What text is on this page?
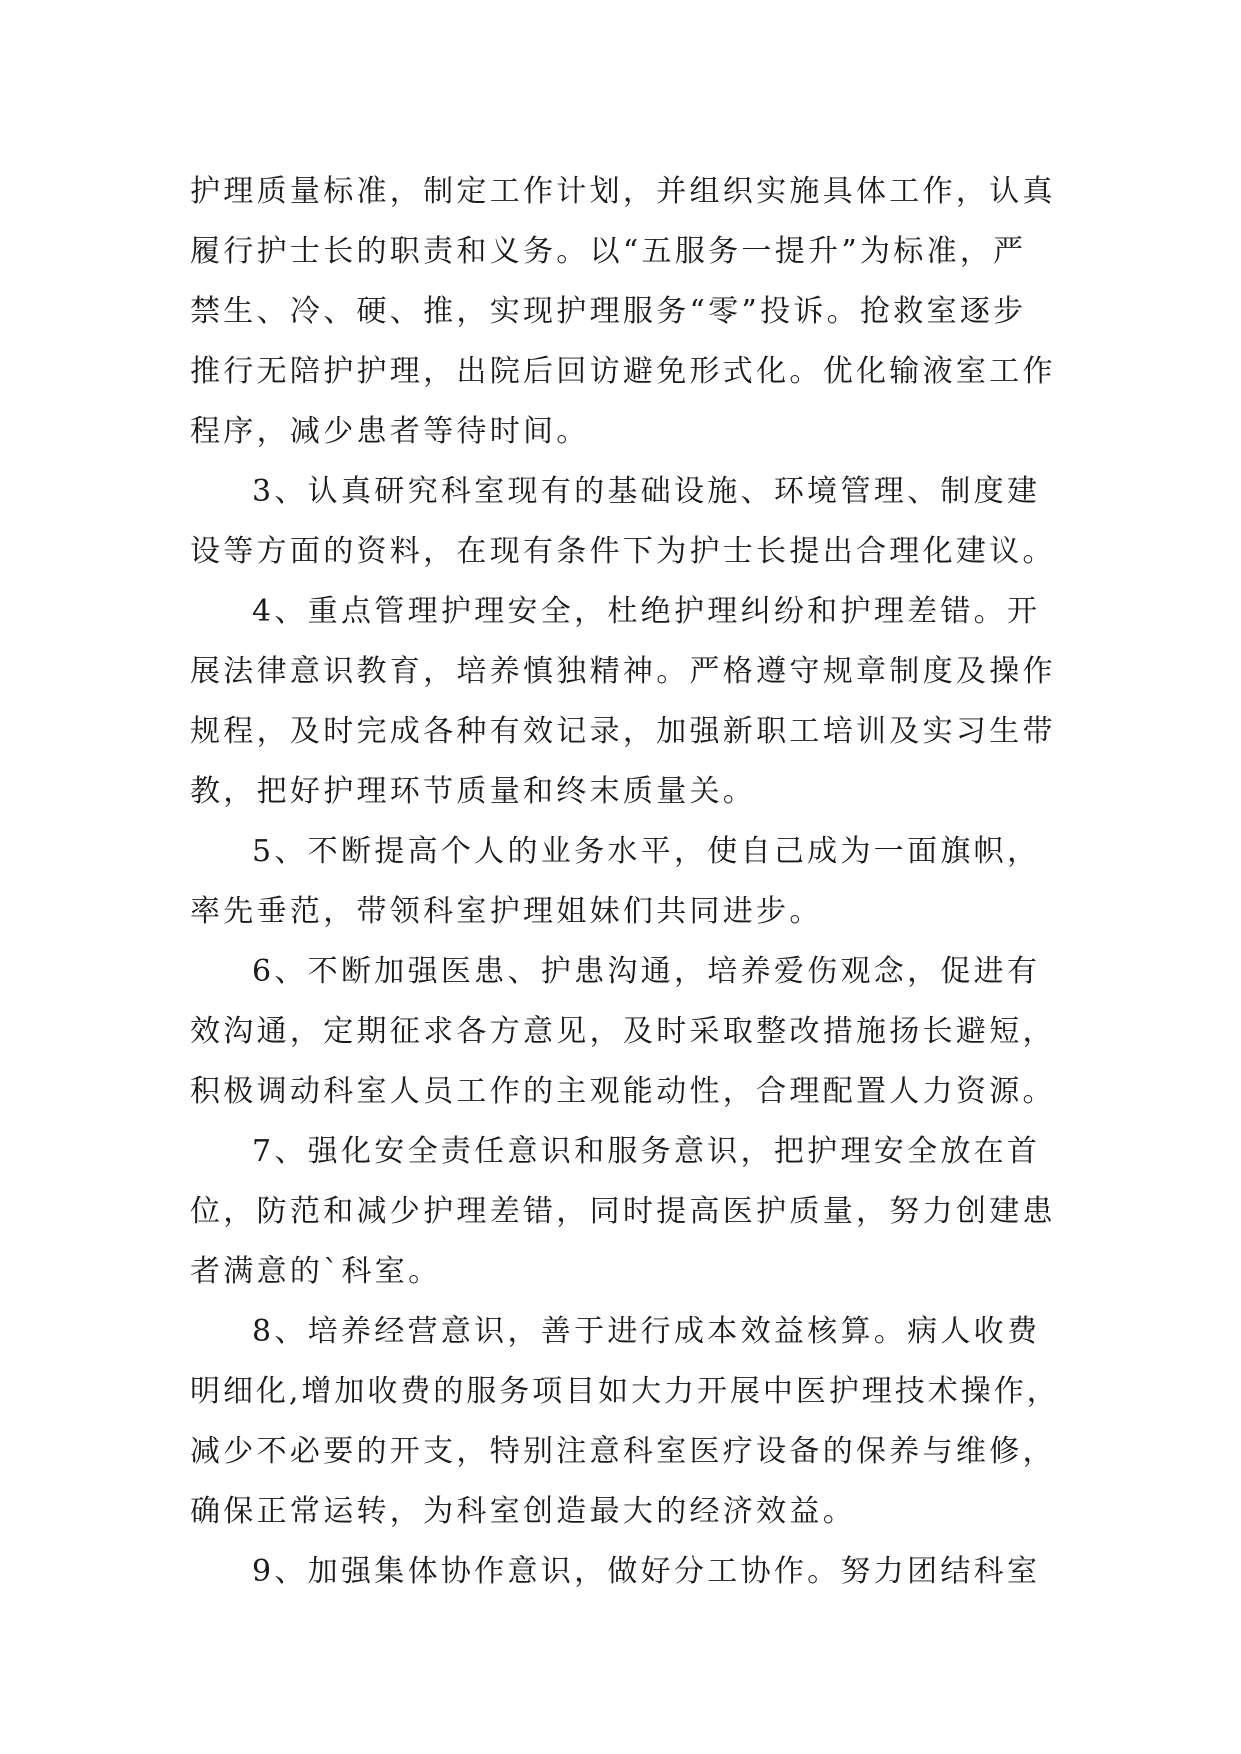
护理质量标准，制定工作计划，并组织实施具体工作，认真
履行护士长的职责和义务。以“五服务一提升”为标准，严
禁生、冷、硬、推，实现护理服务“零”投诉。抢救室逐步
推行无陪护护理，出院后回访避免形式化。优化输液室工作
程序，减少患者等待时间。
3、认真研究科室现有的基础设施、环境管理、制度建
设等方面的资料，在现有条件下为护士长提出合理化建议。
4、重点管理护理安全，杜绝护理纠纷和护理差错。开
展法律意识教育，培养慎独精神。严格遵守规章制度及操作
规程，及时完成各种有效记录，加强新职工培训及实习生带
教，把好护理环节质量和终末质量关。
5、不断提高个人的业务水平，使自己成为一面旗帜，
率先垂范，带领科室护理姐妹们共同进步。
6、不断加强医患、护患沟通，培养爱伤观念，促进有
效沟通，定期征求各方意见，及时采取整改措施扬长避短，
积极调动科室人员工作的主观能动性，合理配置人力资源。
7、强化安全责任意识和服务意识，把护理安全放在首
位，防范和减少护理差错，同时提高医护质量，努力创建患
者满意的`科室。
8、培养经营意识，善于进行成本效益核算。病人收费
明细化,增加收费的服务项目如大力开展中医护理技术操作，
减少不必要的开支，特别注意科室医疗设备的保养与维修，
确保正常运转，为科室创造最大的经济效益。
9、加强集体协作意识，做好分工协作。努力团结科室
